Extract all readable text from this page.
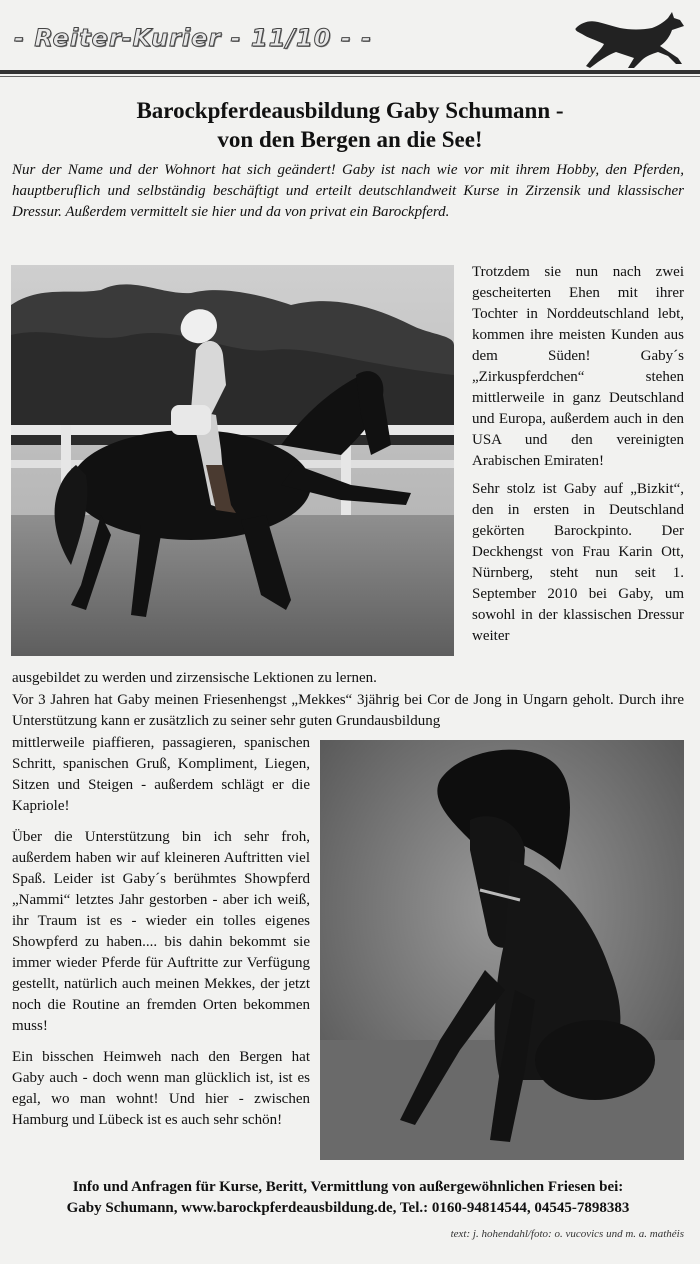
- Reiter-Kurier - 11/10 - -
Barockpferdeausbildung Gaby Schumann -
von den Bergen an die See!
Nur der Name und der Wohnort hat sich geändert! Gaby ist nach wie vor mit ihrem Hobby, den Pferden, hauptberuflich und selbständig beschäftigt und erteilt deutschlandweit Kurse in Zirzensik und klassischer Dressur. Außerdem vermittelt sie hier und da von privat ein Barockpferd.

Trotzdem sie nun nach zwei gescheiterten Ehen mit ihrer Tochter in Norddeutschland lebt, kommen ihre meisten Kunden aus dem Süden! Gaby´s „Zirkuspferdchen“ stehen mittlerweile in ganz Deutschland und Europa, außerdem auch in den USA und den vereinigten Arabischen Emiraten!

Sehr stolz ist Gaby auf „Bizkit“, den in ersten in Deutschland gekörten Barockpinto. Der Deckhengst von Frau Karin Ott, Nürnberg, steht nun seit 1. September 2010 bei Gaby, um sowohl in der klassischen Dressur weiter

ausgebildet zu werden und zirzensische Lektionen zu lernen.
Vor 3 Jahren hat Gaby meinen Friesenhengst „Mekkes“ 3jährig bei Cor de Jong in Ungarn geholt. Durch ihre Unterstützung kann er zusätzlich zu seiner sehr guten Grundausbildung

mittlerweile piaffieren, passagieren, spanischen Schritt, spanischen Gruß, Kompliment, Liegen, Sitzen und Steigen - außerdem schlägt er die Kapriole!

Über die Unterstützung bin ich sehr froh, außerdem haben wir auf kleineren Auftritten viel Spaß. Leider ist Gaby´s berühmtes Showpferd „Nammi“ letztes Jahr gestorben - aber ich weiß, ihr Traum ist es - wieder ein tolles eigenes Showpferd zu haben.... bis dahin bekommt sie immer wieder Pferde für Auftritte zur Verfügung gestellt, natürlich auch meinen Mekkes, der jetzt noch die Routine an fremden Orten bekommen muss!

Ein bisschen Heimweh nach den Bergen hat Gaby auch - doch wenn man glücklich ist, ist es egal, wo man wohnt! Und hier - zwischen Hamburg und Lübeck ist es auch sehr schön!

Info und Anfragen für Kurse, Beritt, Vermittlung von außergewöhnlichen Friesen bei:
Gaby Schumann, www.barockpferdeausbildung.de, Tel.: 0160-94814544, 04545-7898383
text: j. hohendahl/foto: o. vucovics und m. a. mathéis
